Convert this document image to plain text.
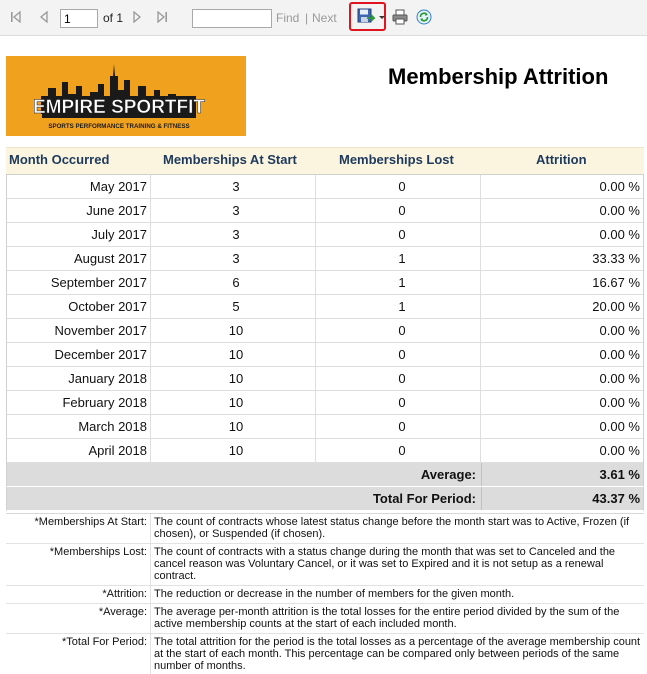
1
of 1	Find | Next
EMPIRE SPORTFIT
SPORTS PERFORMANCE TRAINING & FITNESS
Membership Attrition
Month Occurred	Memberships At Start	Memberships Lost	Attrition
May 2017	3	0	0.00 %
June 2017	3	0	0.00 %
July 2017	3	0	0.00 %
August 2017	3	1	33.33 %
September 2017	6	1	16.67 %
October 2017	5	1	20.00 %
November 2017	10	0	0.00 %
December 2017	10	0	0.00 %
January 2018	10	0	0.00 %
February 2018	10	0	0.00 %
March 2018	10	0	0.00 %
April 2018	10	0	0.00 %
Average:	3.61 %
Total For Period:	43.37 %
*Memberships At Start: The count of contracts whose latest status change before the month start was to Active, Frozen (if chosen), or Suspended (if chosen).
*Memberships Lost: The count of contracts with a status change during the month that was set to Canceled and the cancel reason was Voluntary Cancel, or it was set to Expired and it is not setup as a renewal contract.
*Attrition: The reduction or decrease in the number of members for the given month.
*Average: The average per-month attrition is the total losses for the entire period divided by the sum of the active membership counts at the start of each included month.
*Total For Period: The total attrition for the period is the total losses as a percentage of the average membership count at the start of each month. This percentage can be compared only between periods of the same number of months.
